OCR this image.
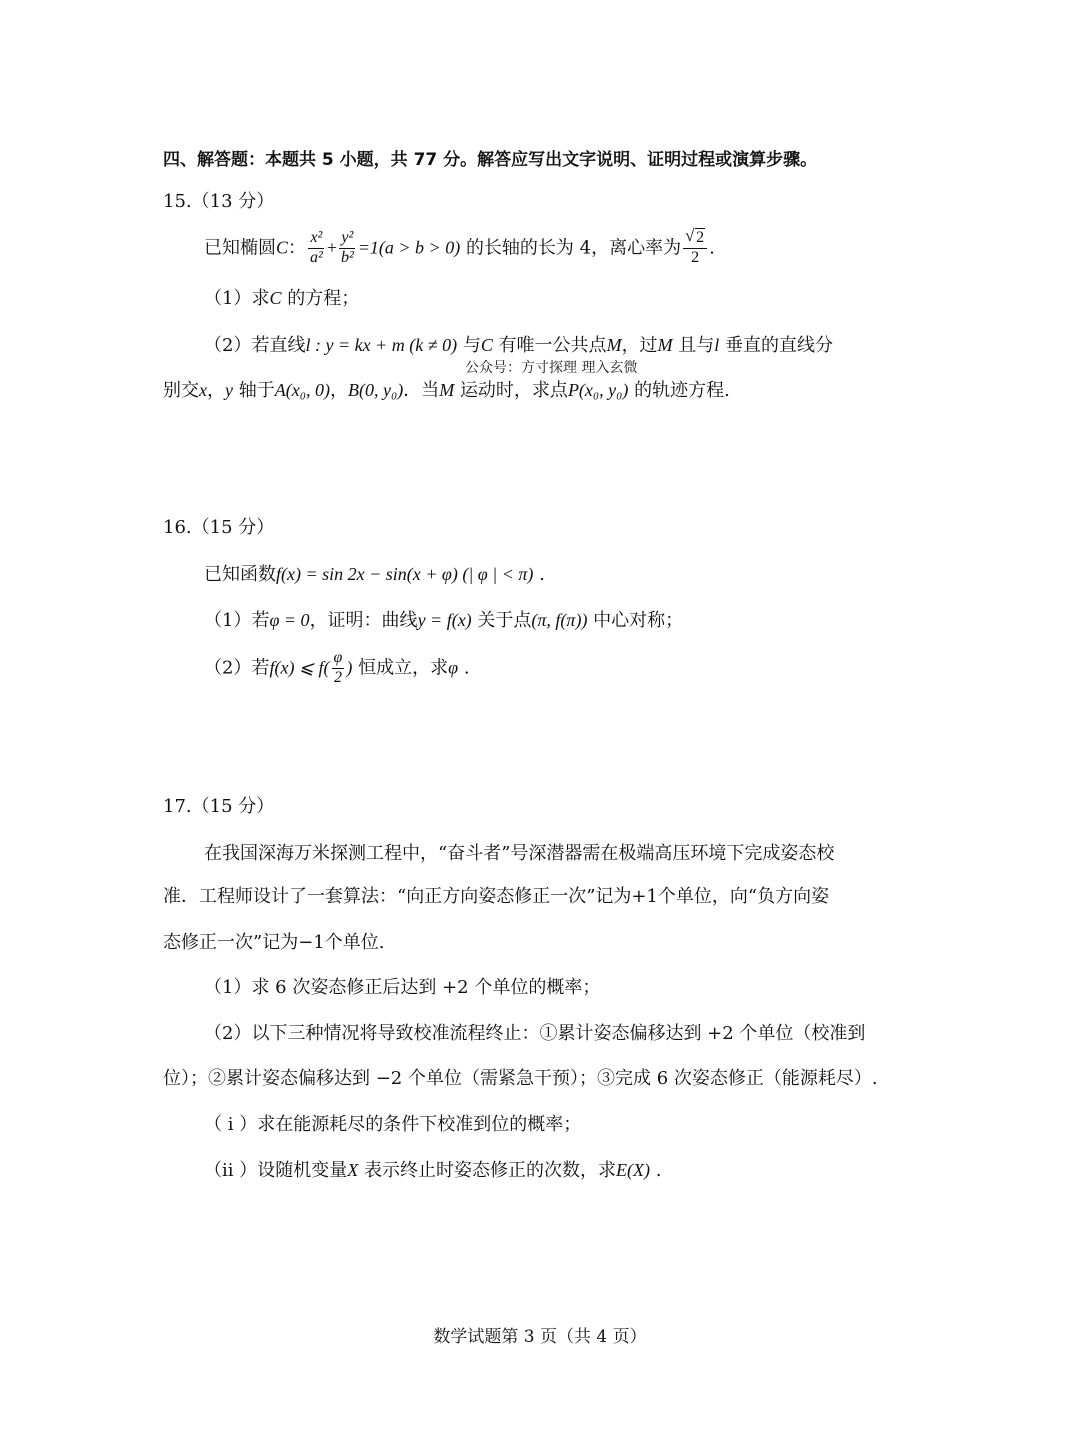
四、解答题：本题共 5 小题，共 77 分。解答应写出文字说明、证明过程或演算步骤。
15.（13 分）
已知椭圆C： $\frac{\text{x²}}{\text{a²}} + \frac{\text{y²}}{\text{b²}} =1(a > b > 0)$ 的长轴的长为 4，离心率为 $\frac{√ 2}{2}$ .
（1）求C 的方程；
（2）若直线l : y = kx + m (k ≠ 0) 与C 有唯一公共点M，过M 且与l 垂直的直线分
公众号：方寸探理 理入玄微
别交x，y 轴于A(x₀, 0)，B(0, y₀)．当M 运动时，求点P(x₀, y₀) 的轨迹方程.
16.（15 分）
已知函数f(x) = sin 2x − sin(x + φ) (| φ | < π) .
（1）若φ = 0，证明：曲线y = f(x) 关于点(π, f(π)) 中心对称；
（2）若f(x) ⩽ $f( \frac{\varphi}{2}$ ) 恒成立，求φ .
17.（15 分）
在我国深海万米探测工程中，“奋斗者”号深潜器需在极端高压环境下完成姿态校
准．工程师设计了一套算法：“向正方向姿态修正一次”记为+1个单位，向“负方向姿
态修正一次”记为−1个单位.
（1）求 6 次姿态修正后达到 +2 个单位的概率；
（2）以下三种情况将导致校准流程终止：①累计姿态偏移达到 +2 个单位（校准到
位）；②累计姿态偏移达到 −2 个单位（需紧急干预）；③完成 6 次姿态修正（能源耗尽）.
（ i ）求在能源耗尽的条件下校准到位的概率；
（ii ）设随机变量X 表示终止时姿态修正的次数，求E(X) .
数学试题第 3 页（共 4 页）
